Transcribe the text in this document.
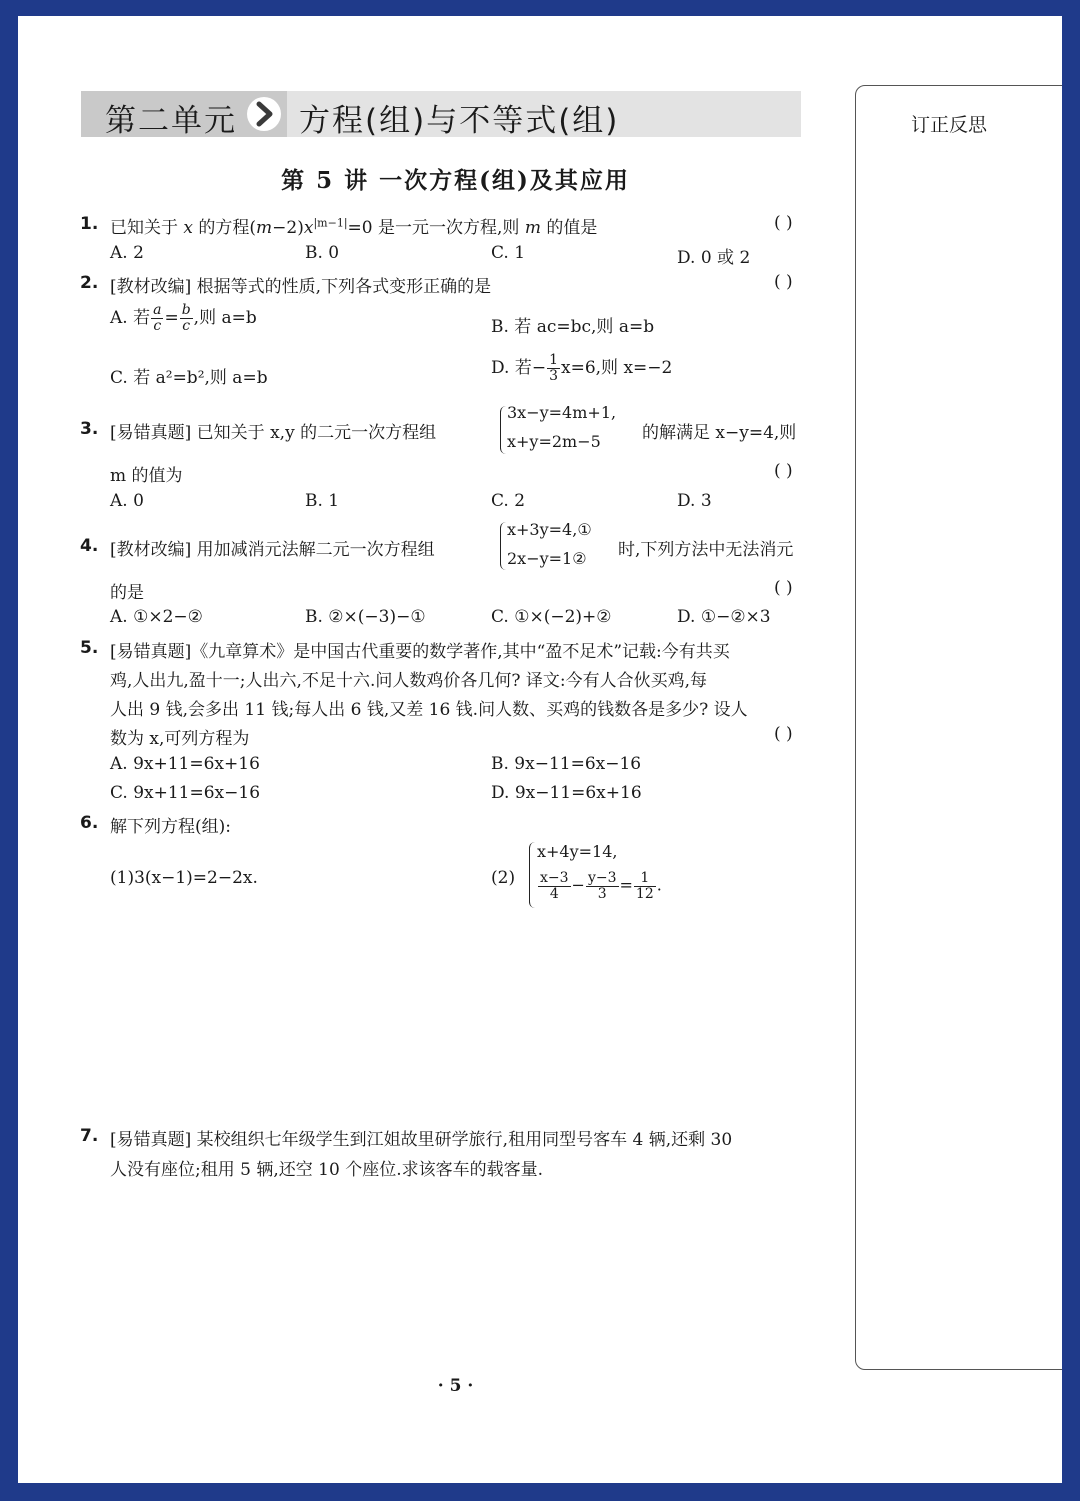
第二单元 方程(组)与不等式(组)
第 5 讲 一次方程(组)及其应用
订正反思
1. 已知关于 x 的方程$(m-2)x^{|m-1|}=0$ 是一元一次方程,则 m 的值是	( )
A. 2	B. 0	C. 1	D. 0 或 2
2. [教材改编] 根据等式的性质,下列各式变形正确的是	( )
A. 若 $\frac{a}{c} = \frac{b}{c}$ ,则 a=b	B. 若 ac=bc,则 a=b
C. 若 a²=b²,则 a=b	D. 若− $\frac{1}{3} x=6$,则 x=−2
3. [易错真题] 已知关于 x,y 的二元一次方程组
3x−y=4m+1,
x+y=2m−5 的解满足 x−y=4,则
m 的值为	( )
A. 0	B. 1	C. 2	D. 3
4. [教材改编] 用加减消元法解二元一次方程组
x+3y=4,①
2x−y=1② 时,下列方法中无法消元
的是	( )
A. ①×2−②	B. ②×(−3)−①	C. ①×(−2)+②	D. ①−②×3
5. [易错真题]《九章算术》是中国古代重要的数学著作,其中“盈不足术”记载:今有共买
鸡,人出九,盈十一;人出六,不足十六.问人数鸡价各几何? 译文:今有人合伙买鸡,每
人出 9 钱,会多出 11 钱;每人出 6 钱,又差 16 钱.问人数、买鸡的钱数各是多少? 设人
数为 x,可列方程为	( )
A. 9x+11=6x+16	B. 9x−11=6x−16
C. 9x+11=6x−16	D. 9x−11=6x+16
6. 解下列方程(组):
(1)3(x−1)=2−2x.	(2)
x+4y=14,
$\frac{x-3}{4} - \frac{y-3}{3} = \frac{1}{12}$ .
7. [易错真题] 某校组织七年级学生到江姐故里研学旅行,租用同型号客车 4 辆,还剩 30
人没有座位;租用 5 辆,还空 10 个座位.求该客车的载客量.
· 5 ·
